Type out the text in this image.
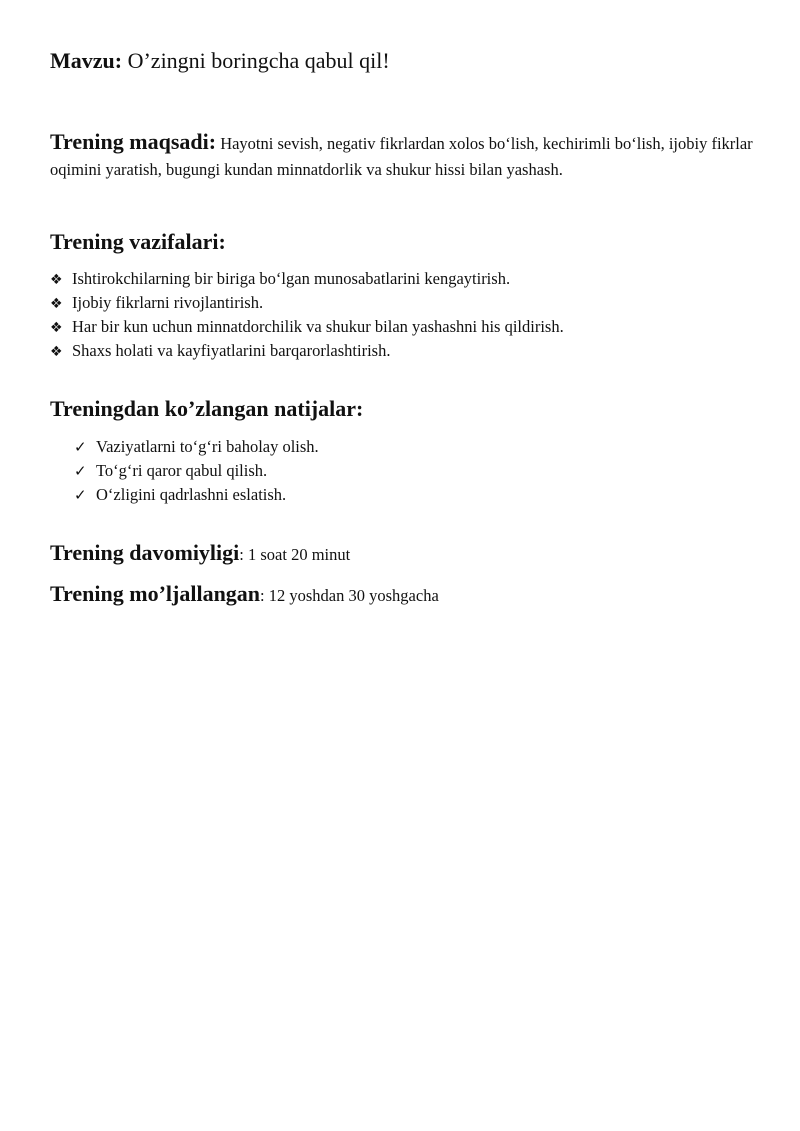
Mavzu: O’zingni boringcha qabul qil!
Trening maqsadi: Hayotni sevish, negativ fikrlardan xolos bo‘lish, kechirimli bo‘lish, ijobiy fikrlar oqimini yaratish, bugungi kundan minnatdorlik va shukur hissi bilan yashash.
Trening vazifalari:
❖ Ishtirokchilarning bir biriga bo‘lgan munosabatlarini kengaytirish.
❖ Ijobiy fikrlarni rivojlantirish.
❖ Har bir kun uchun minnatdorchilik va shukur bilan yashashni his qildirish.
❖ Shaxs holati va kayfiyatlarini barqarorlashtirish.
Treningdan ko’zlangan natijalar:
✓ Vaziyatlarni to‘g‘ri baholay olish.
✓ To‘g‘ri qaror qabul qilish.
✓ O‘zligini qadrlashni eslatish.
Trening davomiyligi: 1 soat 20 minut
Trening mo’ljallangan: 12 yoshdan 30 yoshgacha
